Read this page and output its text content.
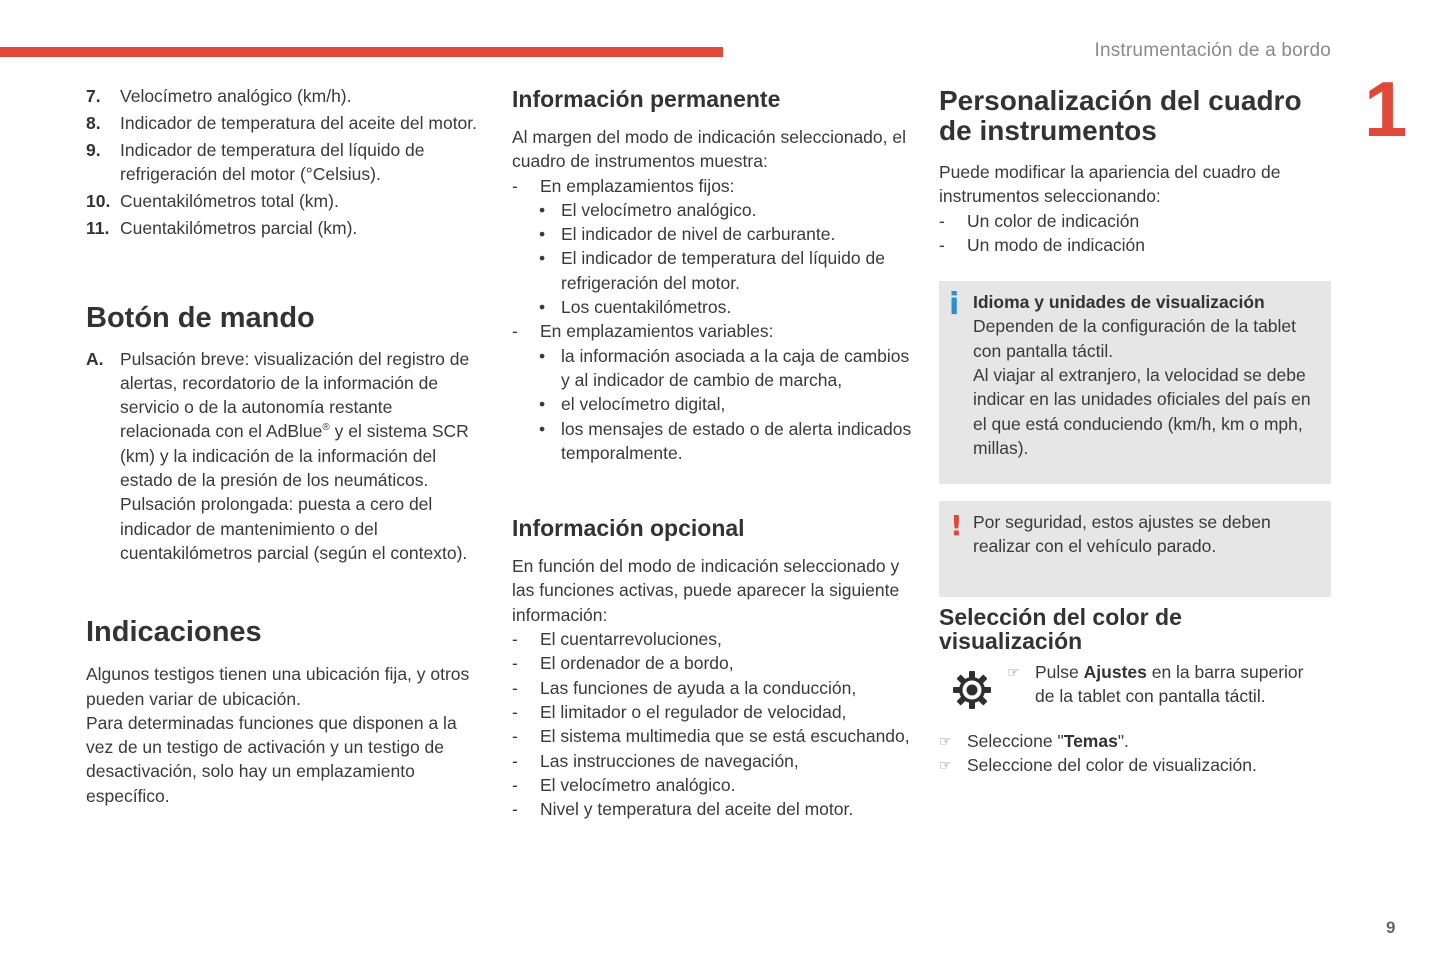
Instrumentación de a bordo
1
9
7. Velocímetro analógico (km/h).
8. Indicador de temperatura del aceite del motor.
9. Indicador de temperatura del líquido de refrigeración del motor (°Celsius).
10. Cuentakilómetros total (km).
11. Cuentakilómetros parcial (km).
Botón de mando
A. Pulsación breve: visualización del registro de alertas, recordatorio de la información de servicio o de la autonomía restante relacionada con el AdBlue® y el sistema SCR (km) y la indicación de la información del estado de la presión de los neumáticos.
Pulsación prolongada: puesta a cero del indicador de mantenimiento o del cuentakilómetros parcial (según el contexto).
Indicaciones

Algunos testigos tienen una ubicación fija, y otros pueden variar de ubicación.

Para determinadas funciones que disponen a la vez de un testigo de activación y un testigo de desactivación, solo hay un emplazamiento específico.

Información permanente

Al margen del modo de indicación seleccionado, el cuadro de instrumentos muestra:

- En emplazamientos fijos:
• El velocímetro analógico.
• El indicador de nivel de carburante.
• El indicador de temperatura del líquido de refrigeración del motor.
• Los cuentakilómetros.
- En emplazamientos variables:
• la información asociada a la caja de cambios y al indicador de cambio de marcha,
• el velocímetro digital,
• los mensajes de estado o de alerta indicados temporalmente.
Información opcional

En función del modo de indicación seleccionado y las funciones activas, puede aparecer la siguiente información:

- El cuentarrevoluciones,
- El ordenador de a bordo,
- Las funciones de ayuda a la conducción,
- El limitador o el regulador de velocidad,
- El sistema multimedia que se está escuchando,
- Las instrucciones de navegación,
- El velocímetro analógico.
- Nivel y temperatura del aceite del motor.
Personalización del cuadro de instrumentos

Puede modificar la apariencia del cuadro de instrumentos seleccionando:

- Un color de indicación
- Un modo de indicación
i Idioma y unidades de visualización
Dependen de la configuración de la tablet con pantalla táctil.
Al viajar al extranjero, la velocidad se debe indicar en las unidades oficiales del país en el que está conduciendo (km/h, km o mph, millas).
! Por seguridad, estos ajustes se deben realizar con el vehículo parado.
Selección del color de visualización
☞ Pulse Ajustes en la barra superior de la tablet con pantalla táctil.
☞ Seleccione "Temas".
☞ Seleccione del color de visualización.
